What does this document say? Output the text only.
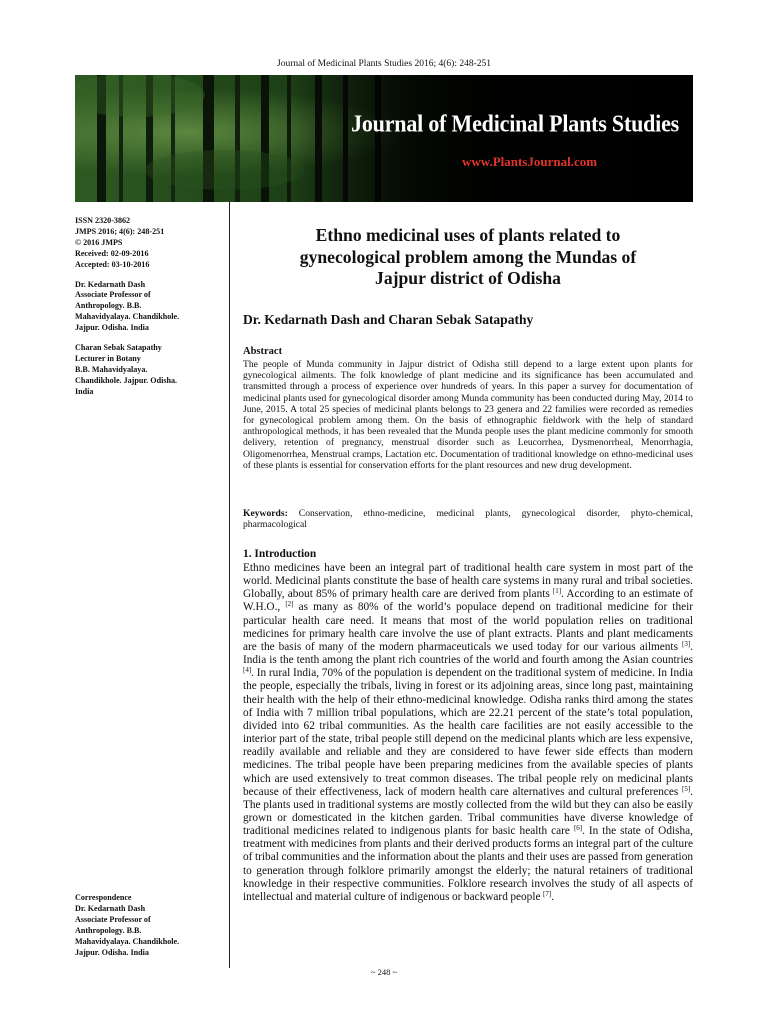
Journal of Medicinal Plants Studies 2016; 4(6): 248-251
Journal of Medicinal Plants Studies
www.PlantsJournal.com
ISSN 2320-3862
JMPS 2016; 4(6): 248-251
© 2016 JMPS
Received: 02-09-2016
Accepted: 03-10-2016
Dr. Kedarnath Dash
Associate Professor of
Anthropology. B.B.
Mahavidyalaya. Chandikhole.
Jajpur. Odisha. India
Charan Sebak Satapathy
Lecturer in Botany
B.B. Mahavidyalaya.
Chandikhole. Jajpur. Odisha.
India
Correspondence
Dr. Kedarnath Dash
Associate Professor of
Anthropology. B.B.
Mahavidyalaya. Chandikhole.
Jajpur. Odisha. India
Ethno medicinal uses of plants related to
gynecological problem among the Mundas of
Jajpur district of Odisha
Dr. Kedarnath Dash and Charan Sebak Satapathy
Abstract
The people of Munda community in Jajpur district of Odisha still depend to a large extent upon plants for gynecological ailments. The folk knowledge of plant medicine and its significance has been accumulated and transmitted through a process of experience over hundreds of years. In this paper a survey for documentation of medicinal plants used for gynecological disorder among Munda community has been conducted during May, 2014 to June, 2015. A total 25 species of medicinal plants belongs to 23 genera and 22 families were recorded as remedies for gynecological problem among them. On the basis of ethnographic fieldwork with the help of standard anthropological methods, it has been revealed that the Munda people uses the plant medicine commonly for smooth delivery, retention of pregnancy, menstrual disorder such as Leucorrhea, Dysmenorrheal, Menorrhagia, Oligomenorrhea, Menstrual cramps, Lactation etc. Documentation of traditional knowledge on ethno-medicinal uses of these plants is essential for conservation efforts for the plant resources and new drug development.
Keywords: Conservation, ethno-medicine, medicinal plants, gynecological disorder, phyto-chemical, pharmacological
1. Introduction
Ethno medicines have been an integral part of traditional health care system in most part of the world. Medicinal plants constitute the base of health care systems in many rural and tribal societies. Globally, about 85% of primary health care are derived from plants [1]. According to an estimate of W.H.O., [2] as many as 80% of the world’s populace depend on traditional medicine for their particular health care need. It means that most of the world population relies on traditional medicines for primary health care involve the use of plant extracts. Plants and plant medicaments are the basis of many of the modern pharmaceuticals we used today for our various ailments [3]. India is the tenth among the plant rich countries of the world and fourth among the Asian countries [4]. In rural India, 70% of the population is dependent on the traditional system of medicine. In India the people, especially the tribals, living in forest or its adjoining areas, since long past, maintaining their health with the help of their ethno-medicinal knowledge. Odisha ranks third among the states of India with 7 million tribal populations, which are 22.21 percent of the state’s total population, divided into 62 tribal communities. As the health care facilities are not easily accessible to the interior part of the state, tribal people still depend on the medicinal plants which are less expensive, readily available and reliable and they are considered to have fewer side effects than modern medicines. The tribal people have been preparing medicines from the available species of plants which are used extensively to treat common diseases. The tribal people rely on medicinal plants because of their effectiveness, lack of modern health care alternatives and cultural preferences [5]. The plants used in traditional systems are mostly collected from the wild but they can also be easily grown or domesticated in the kitchen garden. Tribal communities have diverse knowledge of traditional medicines related to indigenous plants for basic health care [6]. In the state of Odisha, treatment with medicines from plants and their derived products forms an integral part of the culture of tribal communities and the information about the plants and their uses are passed from generation to generation through folklore primarily amongst the elderly; the natural retainers of traditional knowledge in their respective communities. Folklore research involves the study of all aspects of intellectual and material culture of indigenous or backward people [7].
~ 248 ~
